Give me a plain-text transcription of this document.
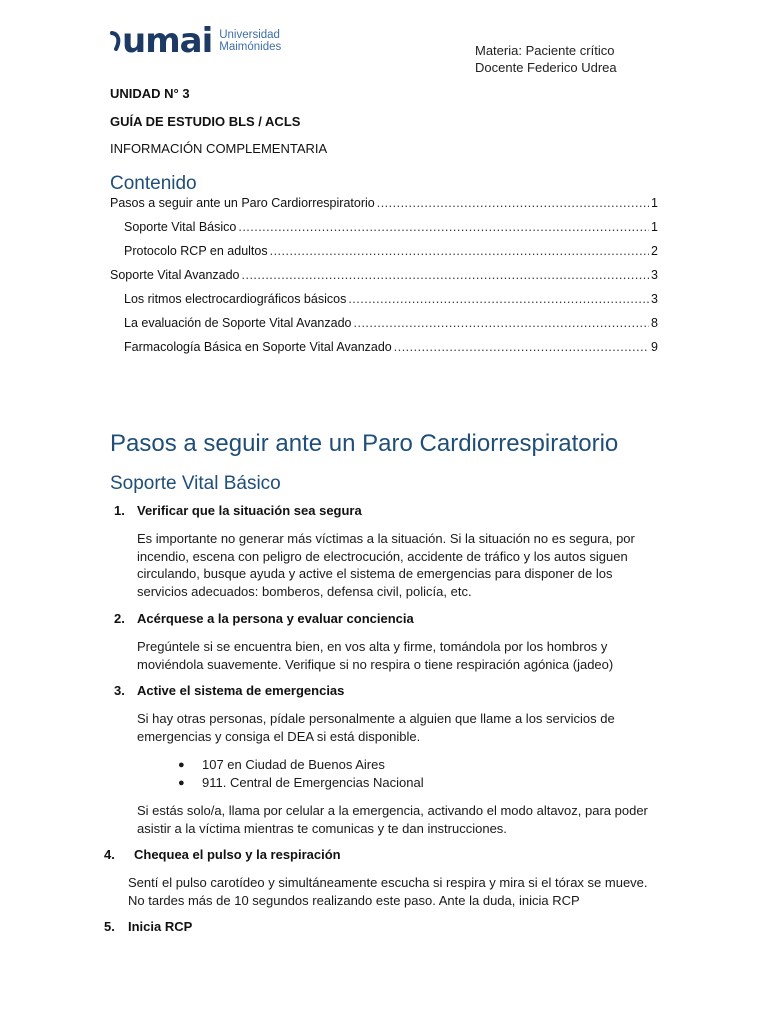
umai Universidad
Maimónides	Materia: Paciente crítico
Docente Federico Udrea
UNIDAD N° 3
GUÍA DE ESTUDIO BLS / ACLS
INFORMACIÓN COMPLEMENTARIA
Contenido
Pasos a seguir ante un Paro Cardiorrespiratorio .....	1
Soporte Vital Básico .....	1
Protocolo RCP en adultos .....	2
Soporte Vital Avanzado .....	3
Los ritmos electrocardiográficos básicos .....	3
La evaluación de Soporte Vital Avanzado .....	8
Farmacología Básica en Soporte Vital Avanzado .....	9
Pasos a seguir ante un Paro Cardiorrespiratorio
Soporte Vital Básico
1. Verificar que la situación sea segura
Es importante no generar más víctimas a la situación. Si la situación no es segura, por incendio, escena con peligro de electrocución, accidente de tráfico y los autos siguen circulando, busque ayuda y active el sistema de emergencias para disponer de los servicios adecuados: bomberos, defensa civil, policía, etc.
2. Acérquese a la persona y evaluar conciencia
Pregúntele si se encuentra bien, en vos alta y firme, tomándola por los hombros y moviéndola suavemente. Verifique si no respira o tiene respiración agónica (jadeo)
3. Active el sistema de emergencias
Si hay otras personas, pídale personalmente a alguien que llame a los servicios de emergencias y consiga el DEA si está disponible.
●	107 en Ciudad de Buenos Aires
●	911. Central de Emergencias Nacional
Si estás solo/a, llama por celular a la emergencia, activando el modo altavoz, para poder asistir a la víctima mientras te comunicas y te dan instrucciones.
4. Chequea el pulso y la respiración
Sentí el pulso carotídeo y simultáneamente escucha si respira y mira si el tórax se mueve. No tardes más de 10 segundos realizando este paso. Ante la duda, inicia RCP
5. Inicia RCP
